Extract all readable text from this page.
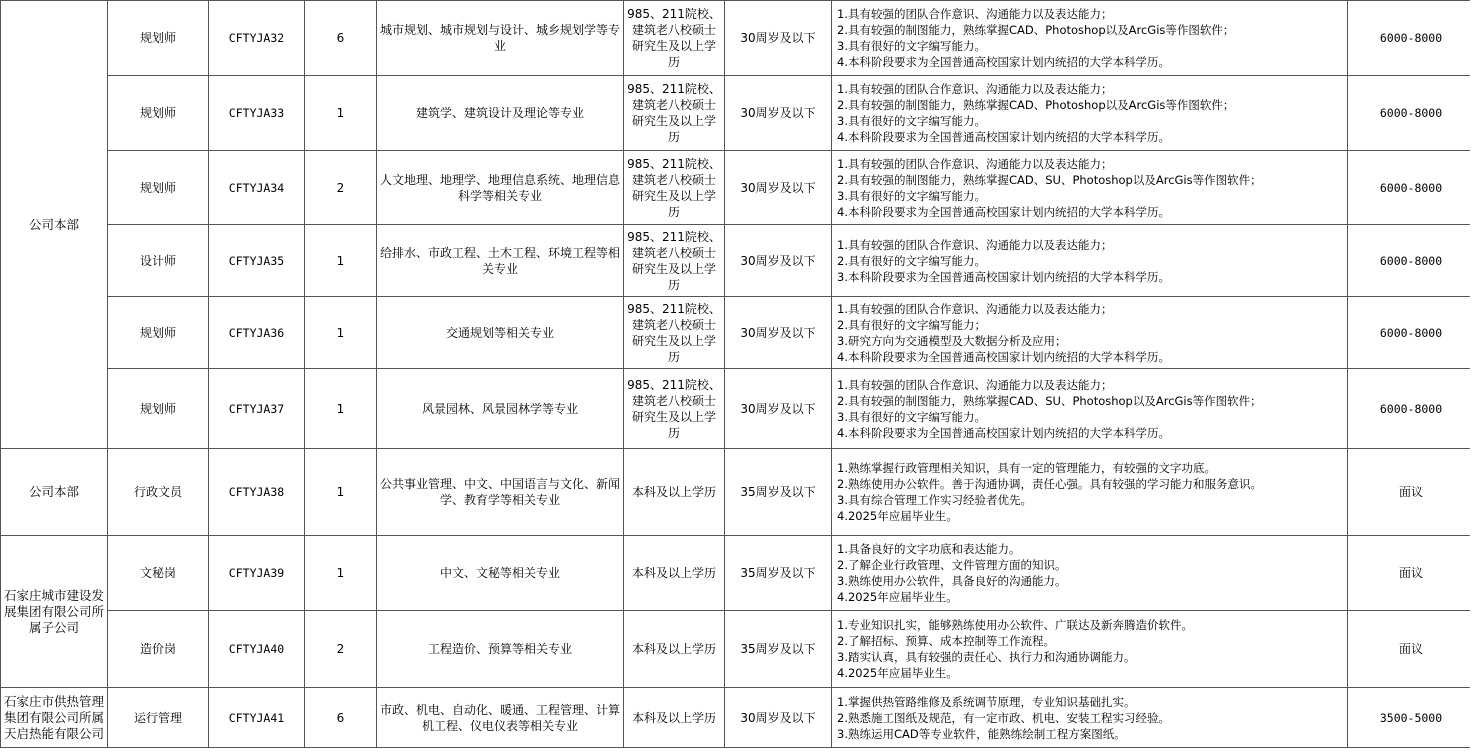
公司本部	规划师	CFTYJA32	6	城市规划、城市规划与设计、城乡规划学等专业	985、211院校、建筑老八校硕士研究生及以上学历	30周岁及以下	1.具有较强的团队合作意识、沟通能力以及表达能力；
2.具有较强的制图能力，熟练掌握CAD、Photoshop以及ArcGis等作图软件；
3.具有很好的文字编写能力。
4.本科阶段要求为全国普通高校国家计划内统招的大学本科学历。	6000-8000
	规划师	CFTYJA33	1	建筑学、建筑设计及理论等专业	985、211院校、建筑老八校硕士研究生及以上学历	30周岁及以下	1.具有较强的团队合作意识、沟通能力以及表达能力；
2.具有较强的制图能力，熟练掌握CAD、Photoshop以及ArcGis等作图软件；
3.具有很好的文字编写能力。
4.本科阶段要求为全国普通高校国家计划内统招的大学本科学历。	6000-8000
	规划师	CFTYJA34	2	人文地理、地理学、地理信息系统、地理信息科学等相关专业	985、211院校、建筑老八校硕士研究生及以上学历	30周岁及以下	1.具有较强的团队合作意识、沟通能力以及表达能力；
2.具有较强的制图能力，熟练掌握CAD、SU、Photoshop以及ArcGis等作图软件；
3.具有很好的文字编写能力。
4.本科阶段要求为全国普通高校国家计划内统招的大学本科学历。	6000-8000
	设计师	CFTYJA35	1	给排水、市政工程、土木工程、环境工程等相关专业	985、211院校、建筑老八校硕士研究生及以上学历	30周岁及以下	1.具有较强的团队合作意识、沟通能力以及表达能力；
2.具有很好的文字编写能力。
3.本科阶段要求为全国普通高校国家计划内统招的大学本科学历。	6000-8000
	规划师	CFTYJA36	1	交通规划等相关专业	985、211院校、建筑老八校硕士研究生及以上学历	30周岁及以下	1.具有较强的团队合作意识、沟通能力以及表达能力；
2.具有很好的文字编写能力；
3.研究方向为交通模型及大数据分析及应用；
4.本科阶段要求为全国普通高校国家计划内统招的大学本科学历。	6000-8000
	规划师	CFTYJA37	1	风景园林、风景园林学等专业	985、211院校、建筑老八校硕士研究生及以上学历	30周岁及以下	1.具有较强的团队合作意识、沟通能力以及表达能力；
2.具有较强的制图能力，熟练掌握CAD、SU、Photoshop以及ArcGis等作图软件；
3.具有很好的文字编写能力。
4.本科阶段要求为全国普通高校国家计划内统招的大学本科学历。	6000-8000
公司本部	行政文员	CFTYJA38	1	公共事业管理、中文、中国语言与文化、新闻学、教育学等相关专业	本科及以上学历	35周岁及以下	1.熟练掌握行政管理相关知识，具有一定的管理能力，有较强的文字功底。
2.熟练使用办公软件。善于沟通协调，责任心强。具有较强的学习能力和服务意识。
3.具有综合管理工作实习经验者优先。
4.2025年应届毕业生。	面议
石家庄城市建设发展集团有限公司所属子公司	文秘岗	CFTYJA39	1	中文、文秘等相关专业	本科及以上学历	35周岁及以下	1.具备良好的文字功底和表达能力。
2.了解企业行政管理、文件管理方面的知识。
3.熟练使用办公软件，具备良好的沟通能力。
4.2025年应届毕业生。	面议
	造价岗	CFTYJA40	2	工程造价、预算等相关专业	本科及以上学历	35周岁及以下	1.专业知识扎实，能够熟练使用办公软件、广联达及新奔腾造价软件。
2.了解招标、预算、成本控制等工作流程。
3.踏实认真，具有较强的责任心、执行力和沟通协调能力。
4.2025年应届毕业生。	面议
石家庄市供热管理集团有限公司所属天启热能有限公司	运行管理	CFTYJA41	6	市政、机电、自动化、暖通、工程管理、计算机工程、仪电仪表等相关专业	本科及以上学历	30周岁及以下	1.掌握供热管路维修及系统调节原理，专业知识基础扎实。
2.熟悉施工图纸及规范，有一定市政、机电、安装工程实习经验。
3.熟练运用CAD等专业软件，能熟练绘制工程方案图纸。	3500-5000
